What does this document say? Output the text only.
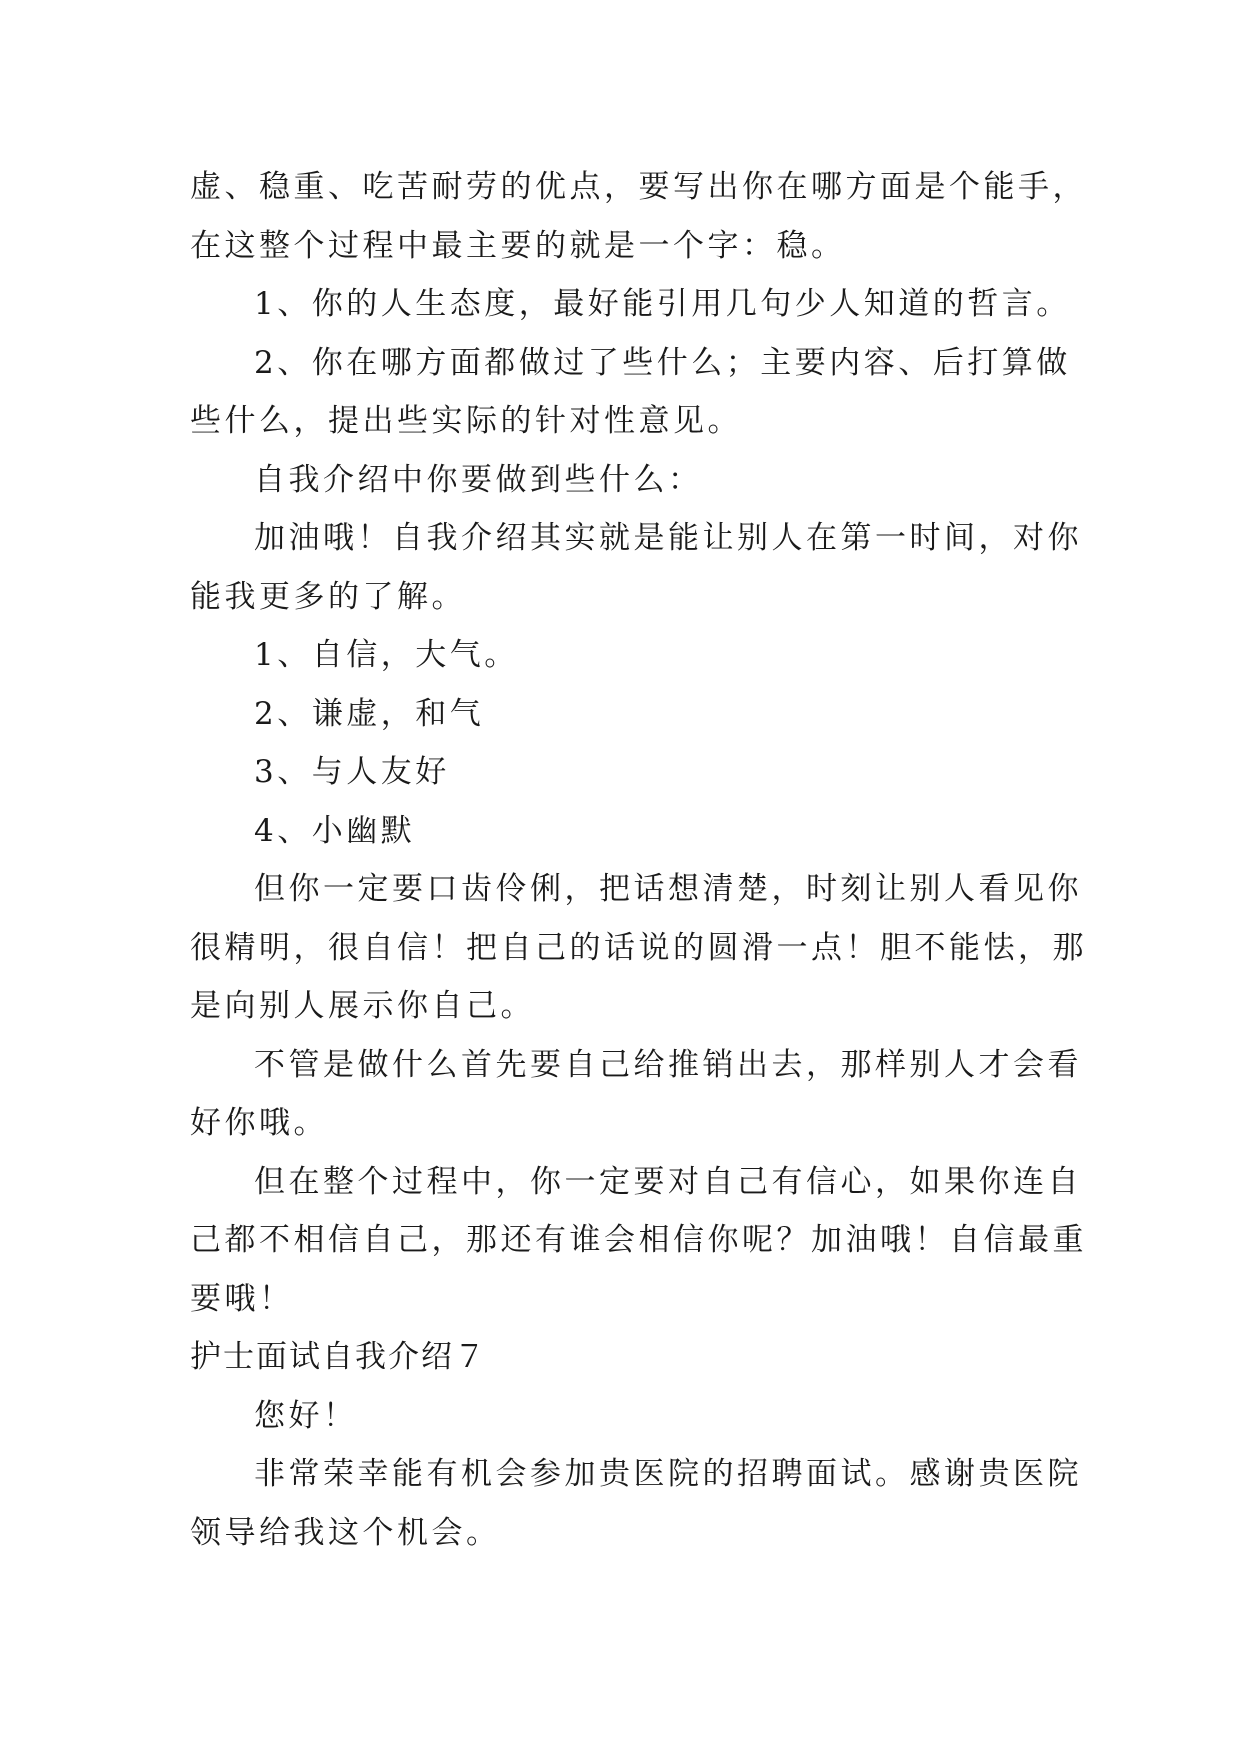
虚、稳重、吃苦耐劳的优点，要写出你在哪方面是个能手，
在这整个过程中最主要的就是一个字：稳。
1、你的人生态度，最好能引用几句少人知道的哲言。
2、你在哪方面都做过了些什么；主要内容、后打算做
些什么，提出些实际的针对性意见。
自我介绍中你要做到些什么：
加油哦！自我介绍其实就是能让别人在第一时间，对你
能我更多的了解。
1、自信，大气。
2、谦虚，和气
3、与人友好
4、小幽默
但你一定要口齿伶俐，把话想清楚，时刻让别人看见你
很精明，很自信！把自己的话说的圆滑一点！胆不能怯，那
是向别人展示你自己。
不管是做什么首先要自己给推销出去，那样别人才会看
好你哦。
但在整个过程中，你一定要对自己有信心，如果你连自
己都不相信自己，那还有谁会相信你呢？加油哦！自信最重
要哦！
护士面试自我介绍７
您好！
非常荣幸能有机会参加贵医院的招聘面试。感谢贵医院
领导给我这个机会。
